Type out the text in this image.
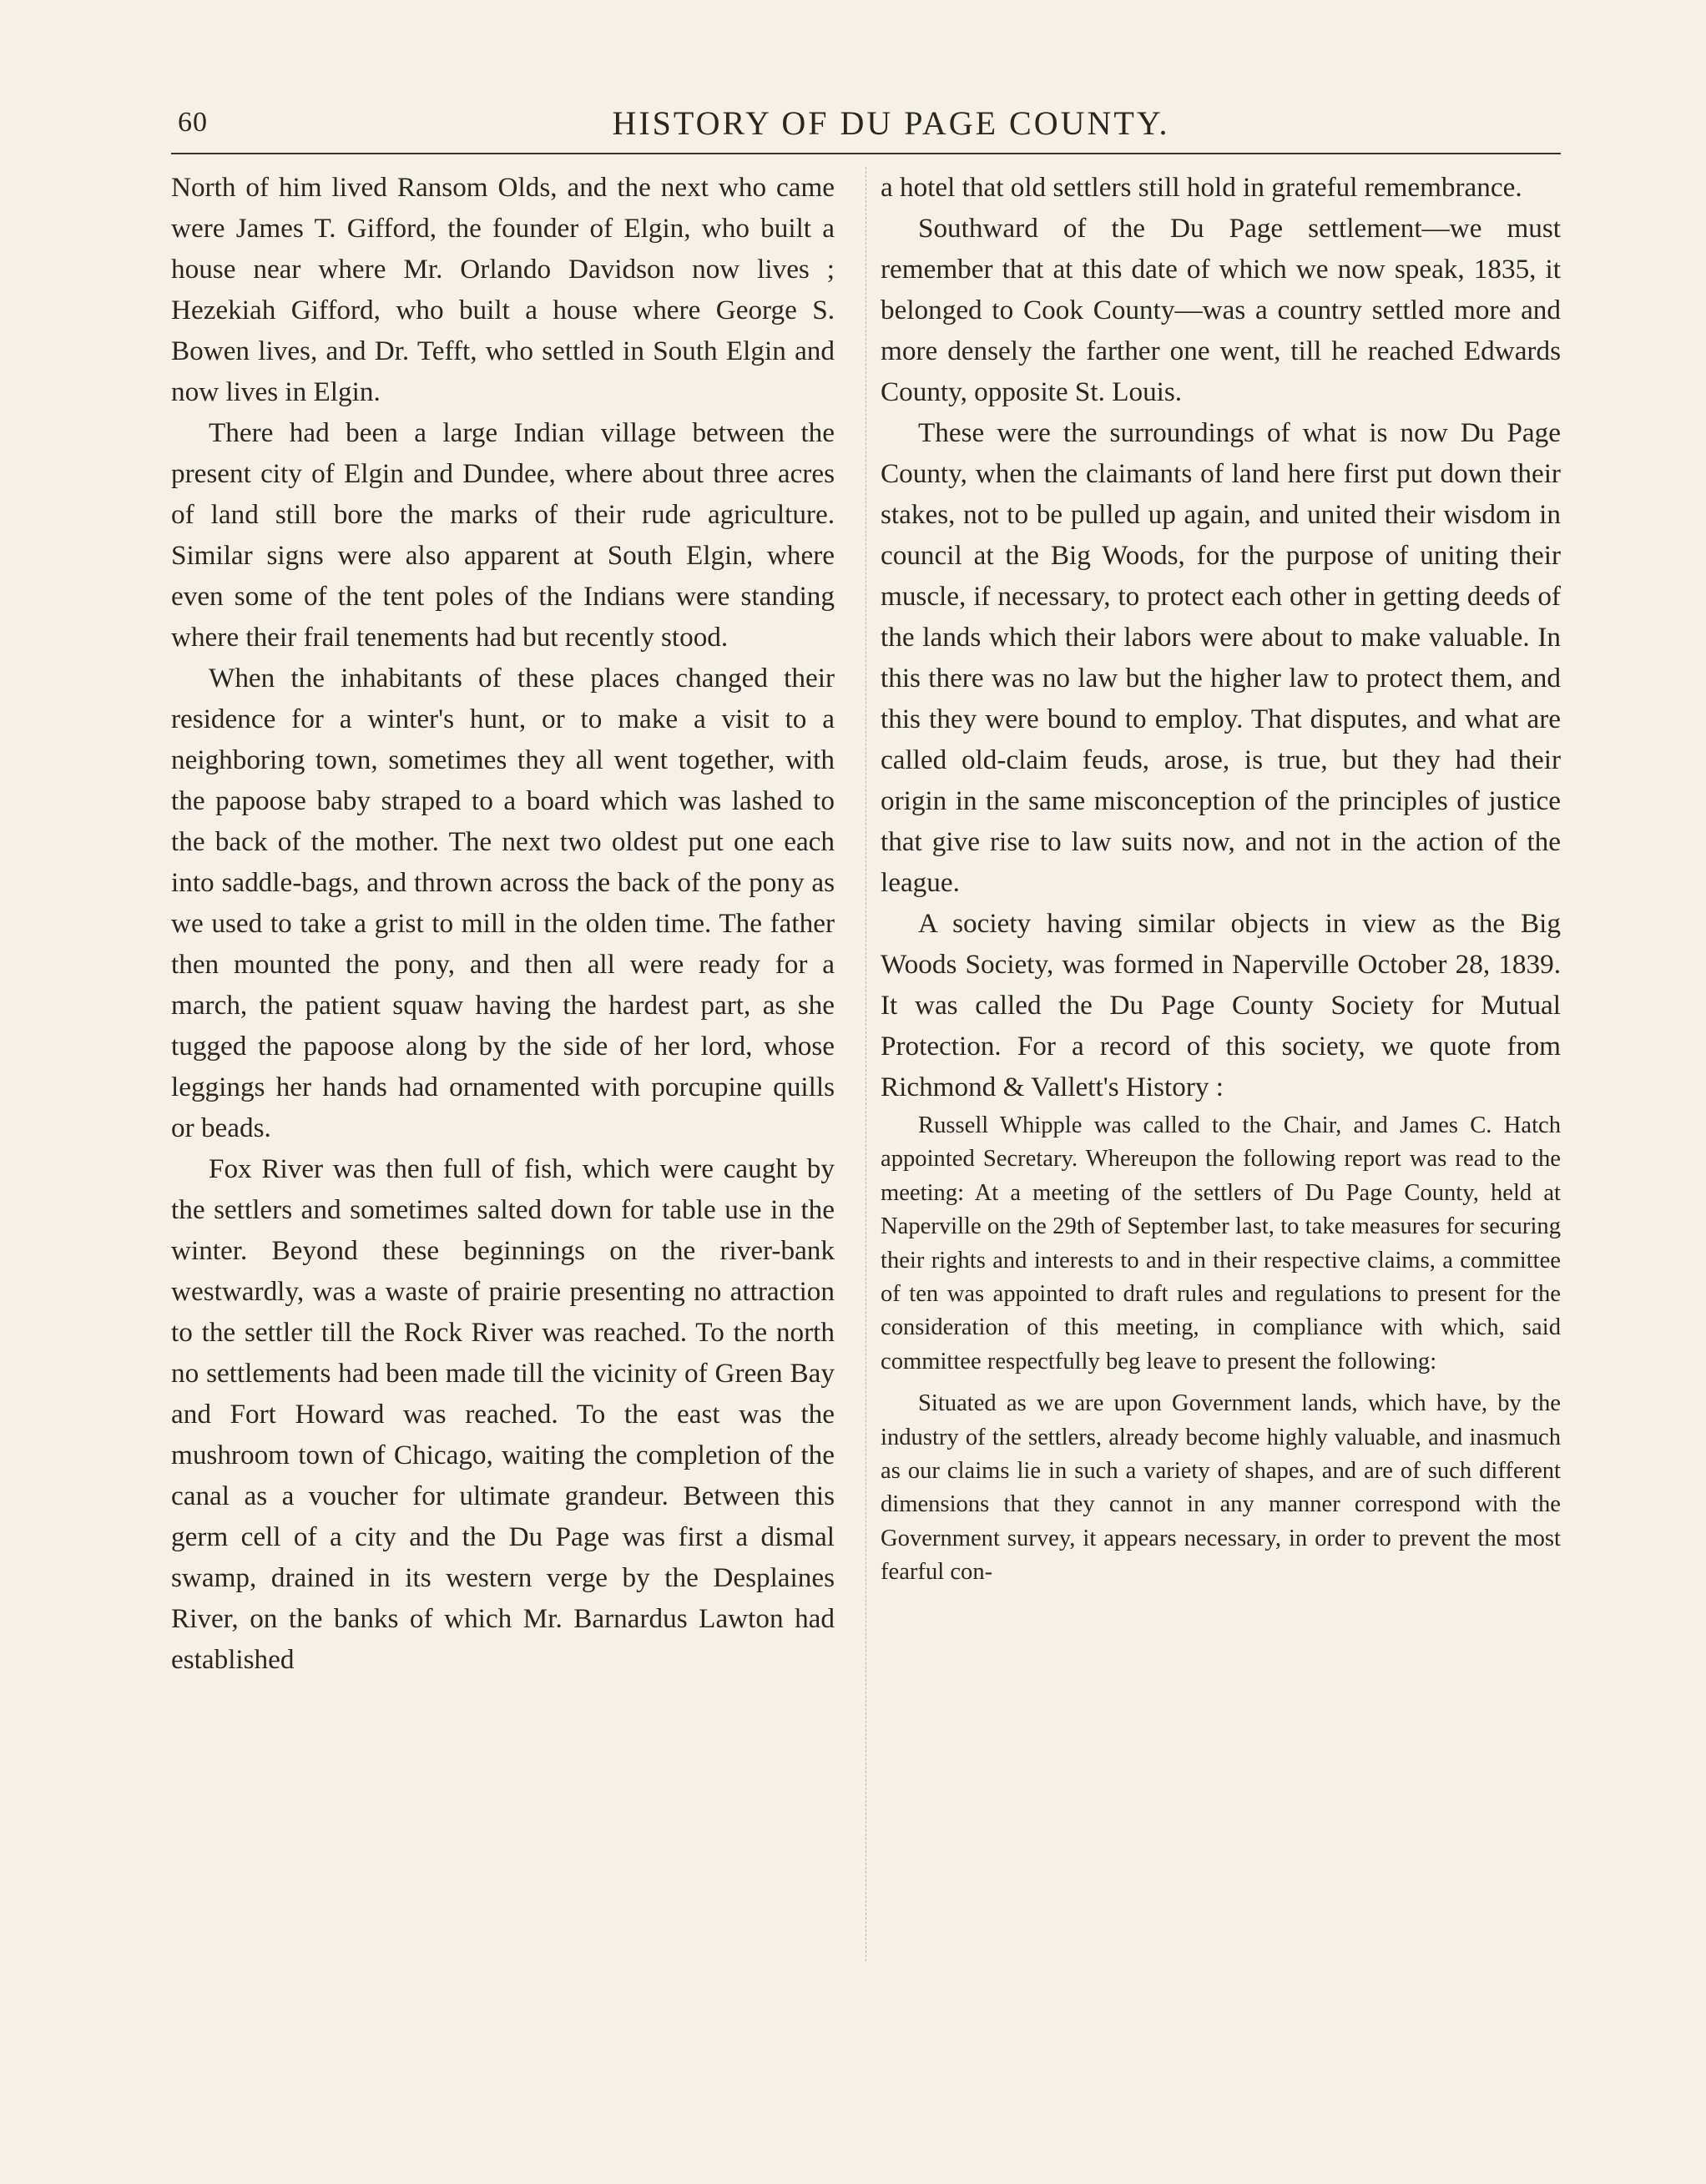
60	HISTORY OF DU PAGE COUNTY.

North of him lived Ransom Olds, and the next who came were James T. Gifford, the founder of Elgin, who built a house near where Mr. Orlando Davidson now lives ; Hezekiah Gifford, who built a house where George S. Bowen lives, and Dr. Tefft, who settled in South Elgin and now lives in Elgin.

There had been a large Indian village between the present city of Elgin and Dundee, where about three acres of land still bore the marks of their rude agriculture. Similar signs were also apparent at South Elgin, where even some of the tent poles of the Indians were standing where their frail tenements had but recently stood.

When the inhabitants of these places changed their residence for a winter's hunt, or to make a visit to a neighboring town, sometimes they all went together, with the papoose baby straped to a board which was lashed to the back of the mother. The next two oldest put one each into saddle-bags, and thrown across the back of the pony as we used to take a grist to mill in the olden time. The father then mounted the pony, and then all were ready for a march, the patient squaw having the hardest part, as she tugged the papoose along by the side of her lord, whose leggings her hands had ornamented with porcupine quills or beads.

Fox River was then full of fish, which were caught by the settlers and sometimes salted down for table use in the winter. Beyond these beginnings on the river-bank westwardly, was a waste of prairie presenting no attraction to the settler till the Rock River was reached. To the north no settlements had been made till the vicinity of Green Bay and Fort Howard was reached. To the east was the mushroom town of Chicago, waiting the completion of the canal as a voucher for ultimate grandeur. Between this germ cell of a city and the Du Page was first a dismal swamp, drained in its western verge by the Desplaines River, on the banks of which Mr. Barnardus Lawton had established

a hotel that old settlers still hold in grateful remembrance.

Southward of the Du Page settlement—we must remember that at this date of which we now speak, 1835, it belonged to Cook County—was a country settled more and more densely the farther one went, till he reached Edwards County, opposite St. Louis.

These were the surroundings of what is now Du Page County, when the claimants of land here first put down their stakes, not to be pulled up again, and united their wisdom in council at the Big Woods, for the purpose of uniting their muscle, if necessary, to protect each other in getting deeds of the lands which their labors were about to make valuable. In this there was no law but the higher law to protect them, and this they were bound to employ. That disputes, and what are called old-claim feuds, arose, is true, but they had their origin in the same misconception of the principles of justice that give rise to law suits now, and not in the action of the league.

A society having similar objects in view as the Big Woods Society, was formed in Naperville October 28, 1839. It was called the Du Page County Society for Mutual Protection. For a record of this society, we quote from Richmond & Vallett's History :

Russell Whipple was called to the Chair, and James C. Hatch appointed Secretary. Whereupon the following report was read to the meeting: At a meeting of the settlers of Du Page County, held at Naperville on the 29th of September last, to take measures for securing their rights and interests to and in their respective claims, a committee of ten was appointed to draft rules and regulations to present for the consideration of this meeting, in compliance with which, said committee respectfully beg leave to present the following:

Situated as we are upon Government lands, which have, by the industry of the settlers, already become highly valuable, and inasmuch as our claims lie in such a variety of shapes, and are of such different dimensions that they cannot in any manner correspond with the Government survey, it appears necessary, in order to prevent the most fearful con-
